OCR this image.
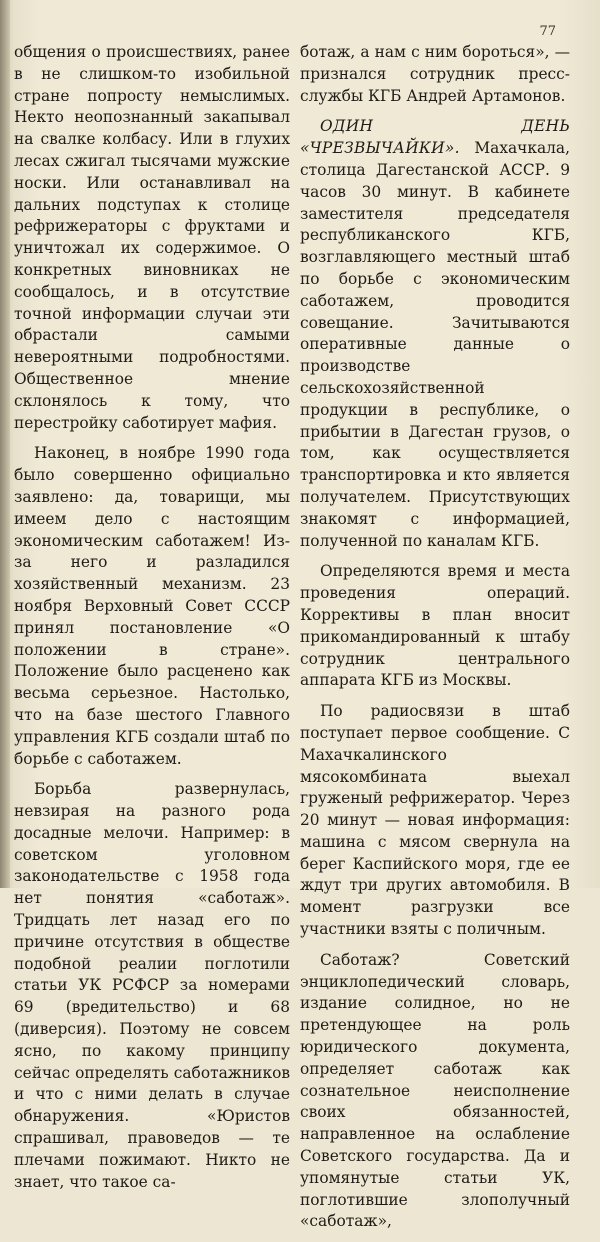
77

общения о происшествиях, ранее в не слишком-то изобильной стране попросту немыслимых. Некто неопознанный закапывал на свалке колбасу. Или в глухих лесах сжигал тысячами мужские носки. Или останавливал на дальних подступах к столице рефрижераторы с фруктами и уничтожал их содержимое. О конкретных виновниках не сообщалось, и в отсутствие точной информации случаи эти обрастали самыми невероятными подробностями. Общественное мнение склонялось к тому, что перестройку саботирует мафия.

Наконец, в ноябре 1990 года было совершенно официально заявлено: да, товарищи, мы имеем дело с настоящим экономическим саботажем! Из-за него и разладился хозяйственный механизм. 23 ноября Верховный Совет СССР принял постановление «О положении в стране». Положение было расценено как весьма серьезное. Настолько, что на базе шестого Главного управления КГБ создали штаб по борьбе с саботажем.

Борьба развернулась, невзирая на разного рода досадные мелочи. Например: в советском уголовном законодательстве с 1958 года нет понятия «саботаж». Тридцать лет назад его по причине отсутствия в обществе подобной реалии поглотили статьи УК РСФСР за номерами 69 (вредительство) и 68 (диверсия). Поэтому не совсем ясно, по какому принципу сейчас определять саботажников и что с ними делать в случае обнаружения. «Юристов спрашивал, правоведов — те плечами пожимают. Никто не знает, что такое са-

ботаж, а нам с ним бороться», — признался сотрудник пресс-службы КГБ Андрей Артамонов.

ОДИН ДЕНЬ «ЧРЕЗВЫЧАЙКИ». Махачкала, столица Дагестанской АССР. 9 часов 30 минут. В кабинете заместителя председателя республиканского КГБ, возглавляющего местный штаб по борьбе с экономическим саботажем, проводится совещание. Зачитываются оперативные данные о производстве сельскохозяйственной продукции в республике, о прибытии в Дагестан грузов, о том, как осуществляется транспортировка и кто является получателем. Присутствующих знакомят с информацией, полученной по каналам КГБ.

Определяются время и места проведения операций. Коррективы в план вносит прикомандированный к штабу сотрудник центрального аппарата КГБ из Москвы.

По радиосвязи в штаб поступает первое сообщение. С Махачкалинского мясокомбината выехал груженый рефрижератор. Через 20 минут — новая информация: машина с мясом свернула на берег Каспийского моря, где ее ждут три других автомобиля. В момент разгрузки все участники взяты с поличным.

Саботаж? Советский энциклопедический словарь, издание солидное, но не претендующее на роль юридического документа, определяет саботаж как сознательное неисполнение своих обязанностей, направленное на ослабление Советского государства. Да и упомянутые статьи УК, поглотившие злополучный «саботаж»,
